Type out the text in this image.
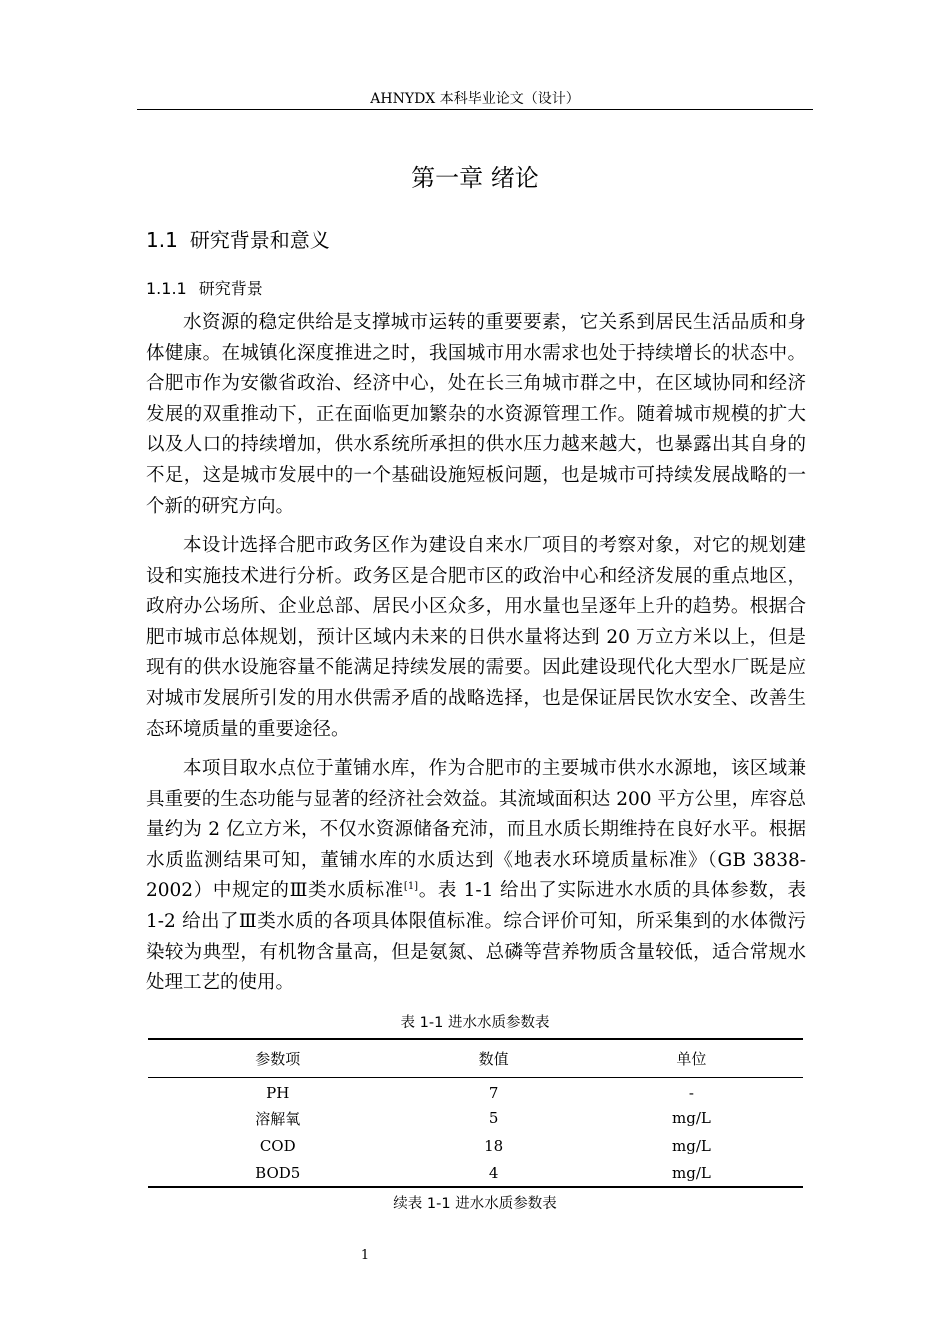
AHNYDX 本科毕业论文（设计）
第一章 绪论
1.1 研究背景和意义
1.1.1 研究背景

水资源的稳定供给是支撑城市运转的重要要素，它关系到居民生活品质和身体健康。在城镇化深度推进之时，我国城市用水需求也处于持续增长的状态中。合肥市作为安徽省政治、经济中心，处在长三角城市群之中，在区域协同和经济发展的双重推动下，正在面临更加繁杂的水资源管理工作。随着城市规模的扩大以及人口的持续增加，供水系统所承担的供水压力越来越大，也暴露出其自身的不足，这是城市发展中的一个基础设施短板问题，也是城市可持续发展战略的一个新的研究方向。

本设计选择合肥市政务区作为建设自来水厂项目的考察对象，对它的规划建设和实施技术进行分析。政务区是合肥市区的政治中心和经济发展的重点地区，政府办公场所、企业总部、居民小区众多，用水量也呈逐年上升的趋势。根据合肥市城市总体规划，预计区域内未来的日供水量将达到 20 万立方米以上，但是现有的供水设施容量不能满足持续发展的需要。因此建设现代化大型水厂既是应对城市发展所引发的用水供需矛盾的战略选择，也是保证居民饮水安全、改善生态环境质量的重要途径。

本项目取水点位于董铺水库，作为合肥市的主要城市供水水源地，该区域兼具重要的生态功能与显著的经济社会效益。其流域面积达 200 平方公里，库容总量约为 2 亿立方米，不仅水资源储备充沛，而且水质长期维持在良好水平。根据水质监测结果可知，董铺水库的水质达到《地表水环境质量标准》（GB 3838-2002）中规定的Ⅲ类水质标准[1]。表 1-1 给出了实际进水水质的具体参数，表 1-2 给出了Ⅲ类水质的各项具体限值标准。综合评价可知，所采集到的水体微污染较为典型，有机物含量高，但是氨氮、总磷等营养物质含量较低，适合常规水处理工艺的使用。

表 1-1 进水水质参数表
参数项	数值	单位
PH	7	-
溶解氧	5	mg/L
COD	18	mg/L
BOD5	4	mg/L
续表 1-1 进水水质参数表
1
